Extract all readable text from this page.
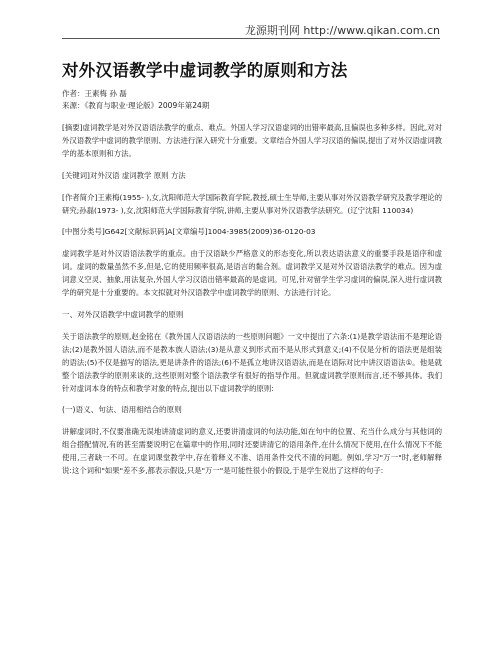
龙源期刊网 http://www.qikan.com.cn
对外汉语教学中虚词教学的原则和方法
作者：王素梅 孙 磊
来源：《教育与职业·理论版》2009年第24期

[摘要]虚词教学是对外汉语语法教学的重点、难点。外国人学习汉语虚词的出错率最高,且偏误也多种多样。因此,对对外汉语教学中虚词的教学原则、方法进行深入研究十分重要。文章结合外国人学习汉语的偏误,提出了对外汉语虚词教学的基本原则和方法。

[关键词]对外汉语 虚词教学 原则 方法

[作者简介]王素梅(1955- ),女,沈阳师范大学国际教育学院,教授,硕士生导师,主要从事对外汉语教学研究及教学理论的研究;孙磊(1973- ),女,沈阳师范大学国际教育学院,讲师,主要从事对外汉语教学法研究。(辽宁沈阳 110034)

[中图分类号]G642[文献标识码]A[文章编号]1004-3985(2009)36-0120-03

虚词教学是对外汉语语法教学的重点。由于汉语缺少严格意义的形态变化,所以表达语法意义的重要手段是语序和虚词。虚词的数量虽然不多,但是,它的使用频率很高,是语言的黏合剂。虚词教学又是对外汉语语法教学的难点。因为虚词意义空灵、抽象,用法复杂,外国人学习汉语出错率最高的是虚词。可见,针对留学生学习虚词的偏误,深入进行虚词教学的研究是十分重要的。本文拟就对外汉语教学中虚词教学的原则、方法进行讨论。

一、对外汉语教学中虚词教学的原则

关于语法教学的原则,赵金铭在《教外国人汉语语法的一些原则问题》一文中提出了六条:(1)是教学语法而不是理论语法;(2)是教外国人语法,而不是教本族人语法;(3)是从意义到形式而不是从形式到意义;(4)不仅是分析的语法更是组装的语法;(5)不仅是描写的语法,更是讲条件的语法;(6)不是孤立地讲汉语语法,而是在语际对比中讲汉语语法①。他是就整个语法教学的原则来谈的,这些原则对整个语法教学有很好的指导作用。但就虚词教学原则而言,还不够具体。我们针对虚词本身的特点和教学对象的特点,提出以下虚词教学的原则:

(一)语义、句法、语用相结合的原则

讲解虚词时,不仅要准确无误地讲清虚词的意义,还要讲清虚词的句法功能,如在句中的位置、充当什么成分与其他词的组合搭配情况,有的甚至需要说明它在篇章中的作用,同时还要讲清它的语用条件,在什么情况下使用,在什么情况下不能使用,三者缺一不可。在虚词课堂教学中,存在着释义不准、语用条件交代不清的问题。例如,学习"万一"时,老师解释说:这个词和"如果"差不多,都表示假设,只是"万一"是可能性很小的假设,于是学生说出了这样的句子:
